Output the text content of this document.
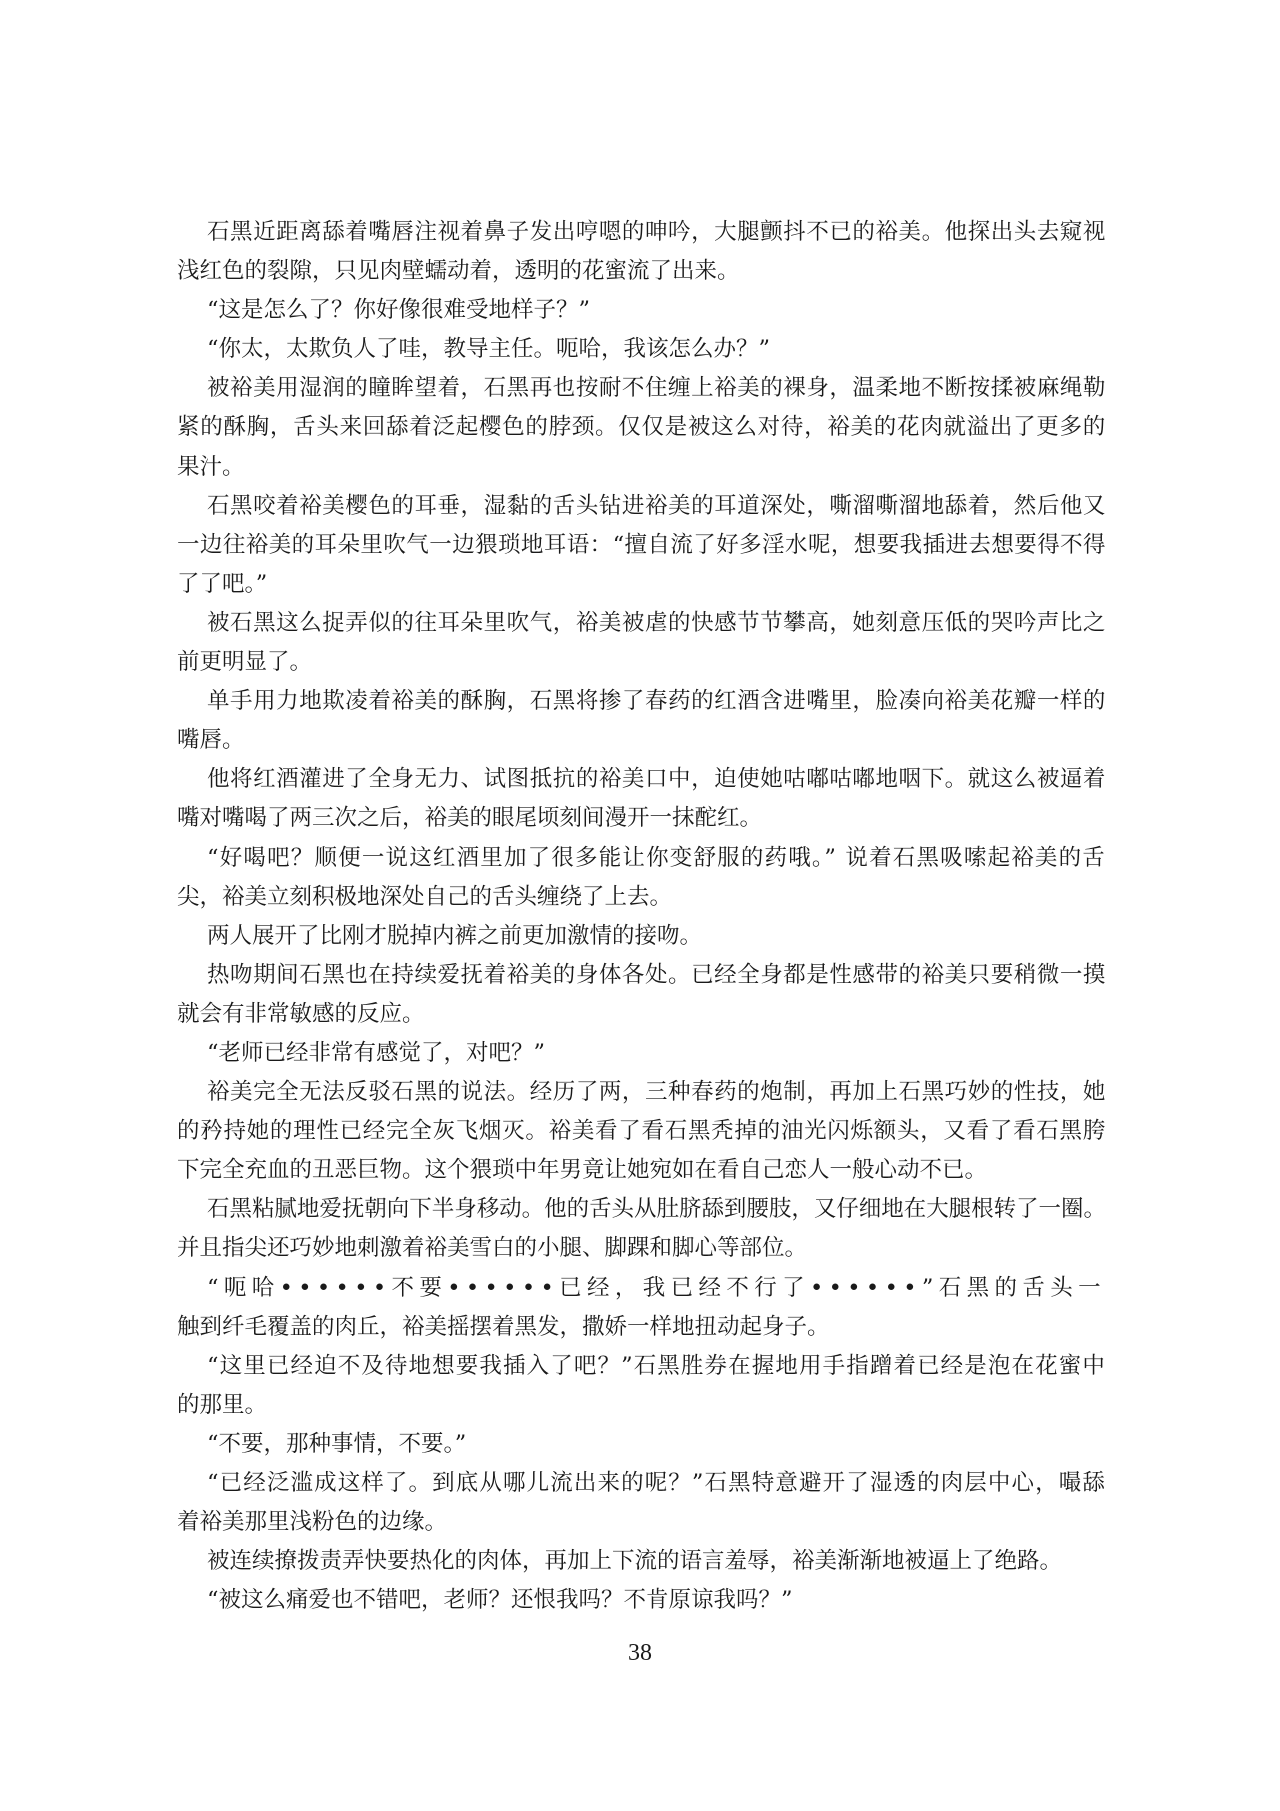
石黑近距离舔着嘴唇注视着鼻子发出哼嗯的呻吟，大腿颤抖不已的裕美。他探出头去窥视
浅红色的裂隙，只见肉壁蠕动着，透明的花蜜流了出来。
“这是怎么了？你好像很难受地样子？”
“你太，太欺负人了哇，教导主任。呃哈，我该怎么办？”
被裕美用湿润的瞳眸望着，石黑再也按耐不住缠上裕美的裸身，温柔地不断按揉被麻绳勒
紧的酥胸，舌头来回舔着泛起樱色的脖颈。仅仅是被这么对待，裕美的花肉就溢出了更多的
果汁。
石黑咬着裕美樱色的耳垂，湿黏的舌头钻进裕美的耳道深处，嘶溜嘶溜地舔着，然后他又
一边往裕美的耳朵里吹气一边猥琐地耳语：“擅自流了好多淫水呢，想要我插进去想要得不得
了了吧。”
被石黑这么捉弄似的往耳朵里吹气，裕美被虐的快感节节攀高，她刻意压低的哭吟声比之
前更明显了。
单手用力地欺凌着裕美的酥胸，石黑将掺了春药的红酒含进嘴里，脸凑向裕美花瓣一样的
嘴唇。
他将红酒灌进了全身无力、试图抵抗的裕美口中，迫使她咕嘟咕嘟地咽下。就这么被逼着
嘴对嘴喝了两三次之后，裕美的眼尾顷刻间漫开一抹酡红。
“好喝吧？顺便一说这红酒里加了很多能让你变舒服的药哦。” 说着石黑吸嗦起裕美的舌
尖，裕美立刻积极地深处自己的舌头缠绕了上去。
两人展开了比刚才脱掉内裤之前更加激情的接吻。
热吻期间石黑也在持续爱抚着裕美的身体各处。已经全身都是性感带的裕美只要稍微一摸
就会有非常敏感的反应。
“老师已经非常有感觉了，对吧？”
裕美完全无法反驳石黑的说法。经历了两，三种春药的炮制，再加上石黑巧妙的性技，她
的矜持她的理性已经完全灰飞烟灭。裕美看了看石黑秃掉的油光闪烁额头，又看了看石黑胯
下完全充血的丑恶巨物。这个猥琐中年男竟让她宛如在看自己恋人一般心动不已。
石黑粘腻地爱抚朝向下半身移动。他的舌头从肚脐舔到腰肢，又仔细地在大腿根转了一圈。
并且指尖还巧妙地刺激着裕美雪白的小腿、脚踝和脚心等部位。
“呃哈••••••不要••••••已经，我已经不行了••••••”石黑的舌头一
触到纤毛覆盖的肉丘，裕美摇摆着黑发，撒娇一样地扭动起身子。
“这里已经迫不及待地想要我插入了吧？”石黑胜券在握地用手指蹭着已经是泡在花蜜中
的那里。
“不要，那种事情，不要。”
“已经泛滥成这样了。到底从哪儿流出来的呢？”石黑特意避开了湿透的肉层中心，嘬舔
着裕美那里浅粉色的边缘。
被连续撩拨责弄快要热化的肉体，再加上下流的语言羞辱，裕美渐渐地被逼上了绝路。
“被这么痛爱也不错吧，老师？还恨我吗？不肯原谅我吗？”
38
